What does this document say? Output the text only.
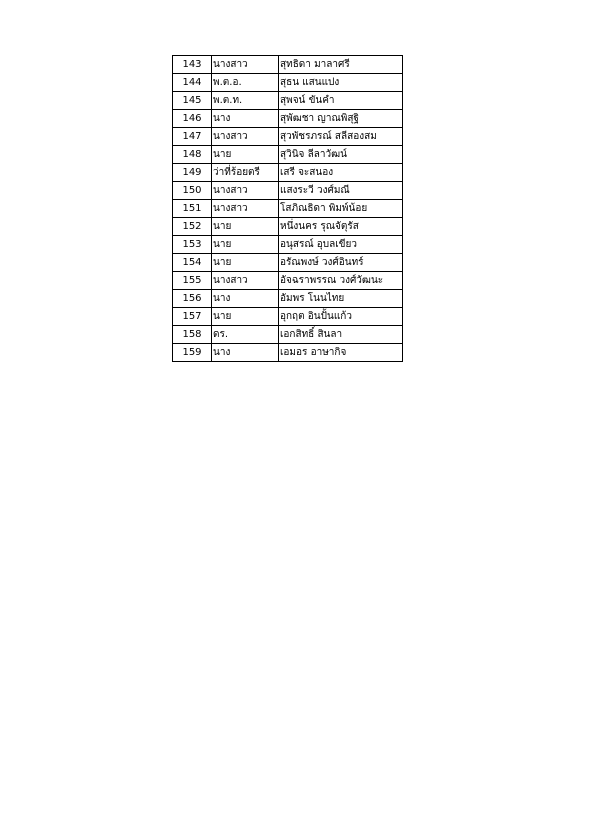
143	นางสาว	สุทธิดา มาลาศรี
144	พ.ต.อ.	สุธน แสนแปง
145	พ.ต.ท.	สุพจน์ ขันคำ
146	นาง	สุพัฒชา ญาณพิสุฐิ
147	นางสาว	สุวพัชรภรณ์ สลีสองสม
148	นาย	สุวินิจ ลีลาวัฒน์
149	ว่าที่ร้อยตรี	เสรี จะสนอง
150	นางสาว	แสงระวี วงศ์มณี
151	นางสาว	โสภิณธิดา พิมพ์น้อย
152	นาย	หนึ่งนคร รุณจัตุรัส
153	นาย	อนุสรณ์ อุบลเขียว
154	นาย	อรัณพงษ์ วงศ์อินทร์
155	นางสาว	อัจฉราพรรณ วงศ์วัฒนะ
156	นาง	อัมพร โนนไทย
157	นาย	อุกฤต อินปั้นแก้ว
158	ดร.	เอกสิทธิ์ สินลา
159	นาง	เอมอร อาษากิจ
